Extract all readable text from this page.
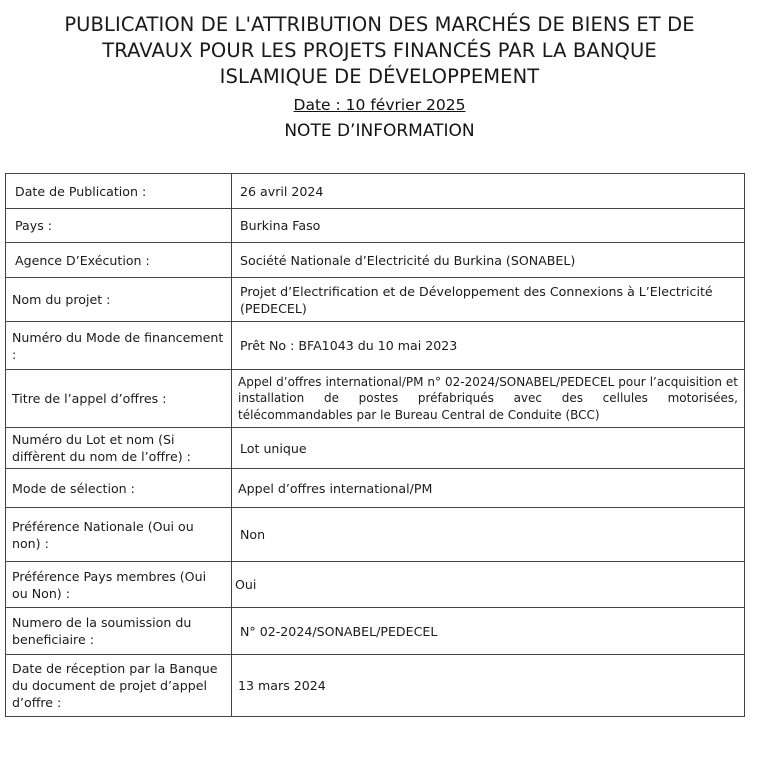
PUBLICATION DE L'ATTRIBUTION DES MARCHÉS DE BIENS ET DE
TRAVAUX POUR LES PROJETS FINANCÉS PAR LA BANQUE
ISLAMIQUE DE DÉVELOPPEMENT
Date : 10 février 2025
NOTE D’INFORMATION
Date de Publication :	26 avril 2024
Pays :	Burkina Faso
Agence D’Exécution :	Société Nationale d’Electricité du Burkina (SONABEL)
Nom du projet :	Projet d’Electrification et de Développement des Connexions à L’Electricité (PEDECEL)
Numéro du Mode de financement :	Prêt No : BFA1043 du 10 mai 2023
Titre de l’appel d’offres :	Appel d’offres international/PM n° 02-2024/SONABEL/PEDECEL pour l’acquisition et installation de postes préfabriqués avec des cellules motorisées, télécommandables par le Bureau Central de Conduite (BCC)
Numéro du Lot et nom (Si diffèrent du nom de l’offre) :	Lot unique
Mode de sélection :	Appel d’offres international/PM
Préférence Nationale (Oui ou non) :	Non
Préférence Pays membres (Oui ou Non) :	Oui
Numero de la soumission du beneficiaire :	N° 02-2024/SONABEL/PEDECEL
Date de réception par la Banque du document de projet d’appel d’offre :	13 mars 2024
